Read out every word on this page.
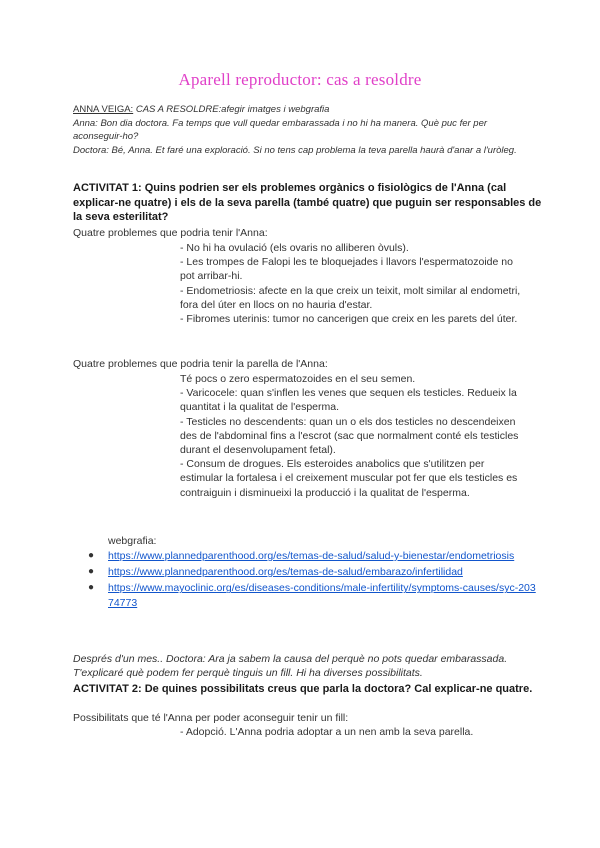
Aparell reproductor: cas a resoldre
ANNA VEIGA: CAS A RESOLDRE:afegir imatges i webgrafia
Anna: Bon dia doctora. Fa temps que vull quedar embarassada i no hi ha manera. Què puc fer per aconseguir-ho?
Doctora: Bé, Anna. Et faré una exploració. Si no tens cap problema la teva parella haurà d'anar a l'uròleg.
ACTIVITAT 1: Quins podrien ser els problemes orgànics o fisiològics de l'Anna (cal explicar-ne quatre) i els de la seva parella (també quatre) que puguin ser responsables de la seva esterilitat?
Quatre problemes que podria tenir l'Anna:

- No hi ha ovulació (els ovaris no alliberen òvuls).

- Les trompes de Falopi les te bloquejades i llavors l'espermatozoide no pot arribar-hi.

- Endometriosis: afecte en la que creix un teixit, molt similar al endometri, fora del úter en llocs on no hauria d'estar.

- Fibromes uterinis: tumor no cancerigen que creix en les parets del úter.

Quatre problemes que podria tenir la parella de l'Anna:

Té pocs o zero espermatozoides en el seu semen.

- Varicocele: quan s'inflen les venes que sequen els testicles. Redueix la quantitat i la qualitat de l'esperma.

- Testicles no descendents: quan un o els dos testicles no descendeixen des de l'abdominal fins a l'escrot (sac que normalment conté els testicles durant el desenvolupament fetal).

- Consum de drogues. Els esteroides anabolics que s'utilitzen per estimular la fortalesa i el creixement muscular pot fer que els testicles es contraiguin i disminueixi la producció i la qualitat de l'esperma.

webgrafia:
● https://www.plannedparenthood.org/es/temas-de-salud/salud-y-bienestar/endometriosis
● https://www.plannedparenthood.org/es/temas-de-salud/embarazo/infertilidad
● https://www.mayoclinic.org/es/diseases-conditions/male-infertility/symptoms-causes/syc-20374773
Després d'un mes.. Doctora: Ara ja sabem la causa del perquè no pots quedar embarassada. T'explicaré què podem fer perquè tinguis un fill. Hi ha diverses possibilitats.
ACTIVITAT 2: De quines possibilitats creus que parla la doctora? Cal explicar-ne quatre.
Possibilitats que té l'Anna per poder aconseguir tenir un fill:

- Adopció. L'Anna podria adoptar a un nen amb la seva parella.
